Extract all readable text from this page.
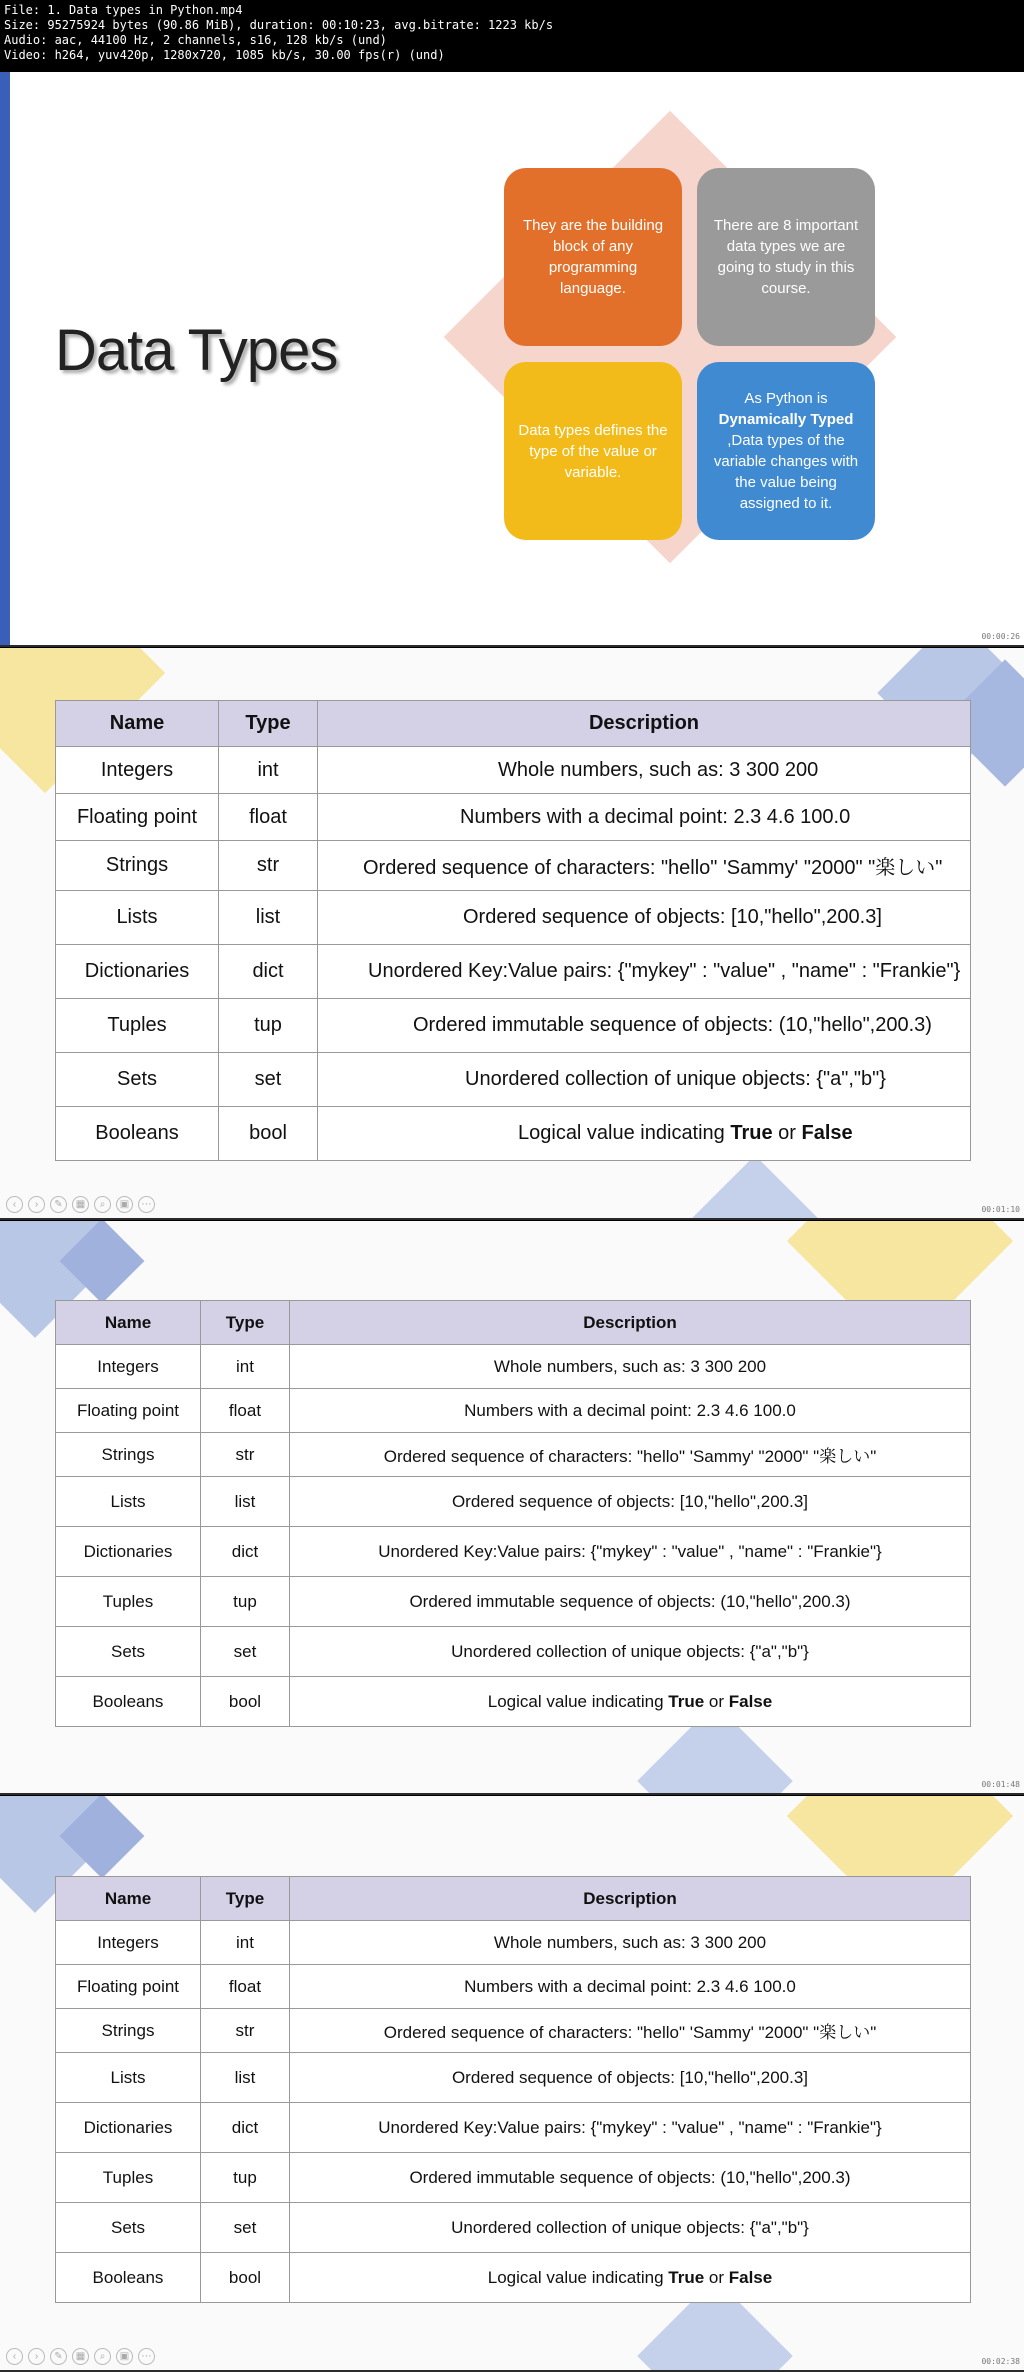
File: 1. Data types in Python.mp4
Size: 95275924 bytes (90.86 MiB), duration: 00:10:23, avg.bitrate: 1223 kb/s
Audio: aac, 44100 Hz, 2 channels, s16, 128 kb/s (und)
Video: h264, yuv420p, 1280x720, 1085 kb/s, 30.00 fps(r) (und)
Data Types
They are the building block of any programming language.
There are 8 important data types we are going to study in this course.
Data types defines the type of the value or variable.
As Python is
Dynamically Typed ,Data types of the variable changes with the value being assigned to it.
00:00:26
Name	Type	Description
Integers	int	Whole numbers, such as: 3 300 200
Floating point	float	Numbers with a decimal point: 2.3 4.6 100.0
Strings	str	Ordered sequence of characters: "hello" 'Sammy' "2000" "楽しい"
Lists	list	Ordered sequence of objects: [10,"hello",200.3]
Dictionaries	dict	Unordered Key:Value pairs: {"mykey" : "value" , "name" : "Frankie"}
Tuples	tup	Ordered immutable sequence of objects: (10,"hello",200.3)
Sets	set	Unordered collection of unique objects: {"a","b"}
Booleans	bool	Logical value indicating True or False
‹	›	✎	▦	⌕	▣	⋯	00:01:10
Name	Type	Description
Integers	int	Whole numbers, such as: 3 300 200
Floating point	float	Numbers with a decimal point: 2.3 4.6 100.0
Strings	str	Ordered sequence of characters: "hello" 'Sammy' "2000" "楽しい"
Lists	list	Ordered sequence of objects: [10,"hello",200.3]
Dictionaries	dict	Unordered Key:Value pairs: {"mykey" : "value" , "name" : "Frankie"}
Tuples	tup	Ordered immutable sequence of objects: (10,"hello",200.3)
Sets	set	Unordered collection of unique objects: {"a","b"}
Booleans	bool	Logical value indicating True or False
00:01:48
Name	Type	Description
Integers	int	Whole numbers, such as: 3 300 200
Floating point	float	Numbers with a decimal point: 2.3 4.6 100.0
Strings	str	Ordered sequence of characters: "hello" 'Sammy' "2000" "楽しい"
Lists	list	Ordered sequence of objects: [10,"hello",200.3]
Dictionaries	dict	Unordered Key:Value pairs: {"mykey" : "value" , "name" : "Frankie"}
Tuples	tup	Ordered immutable sequence of objects: (10,"hello",200.3)
Sets	set	Unordered collection of unique objects: {"a","b"}
Booleans	bool	Logical value indicating True or False
‹	›	✎	▦	⌕	▣	⋯	00:02:38
